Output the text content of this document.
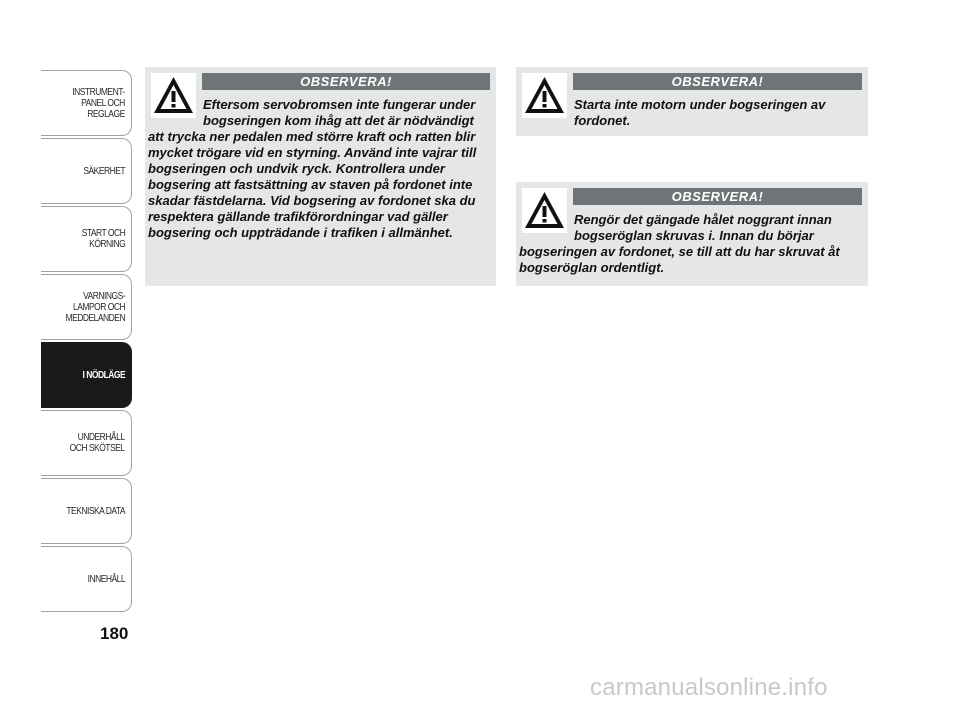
INSTRUMENT-
PANEL OCH
REGLAGE
SÄKERHET
START OCH
KÖRNING
VARNINGS-
LAMPOR OCH
MEDDELANDEN
I NÖDLÄGE
UNDERHÅLL
OCH SKÖTSEL
TEKNISKA DATA
INNEHÅLL
180
OBSERVERA!

Eftersom servobromsen inte fungerar under bogseringen kom ihåg att det är nödvändigt att trycka ner pedalen med större kraft och ratten blir mycket trögare vid en styrning. Använd inte vajrar till bogseringen och undvik ryck. Kontrollera under bogsering att fastsättning av staven på fordonet inte skadar fästdelarna. Vid bogsering av fordonet ska du respektera gällande trafikförordningar vad gäller bogsering och uppträdande i trafiken i allmänhet.

OBSERVERA!

Starta inte motorn under bogseringen av fordonet.

OBSERVERA!

Rengör det gängade hålet noggrant innan bogseröglan skruvas i. Innan du börjar bogseringen av fordonet, se till att du har skruvat åt bogseröglan ordentligt.

carmanualsonline.info
